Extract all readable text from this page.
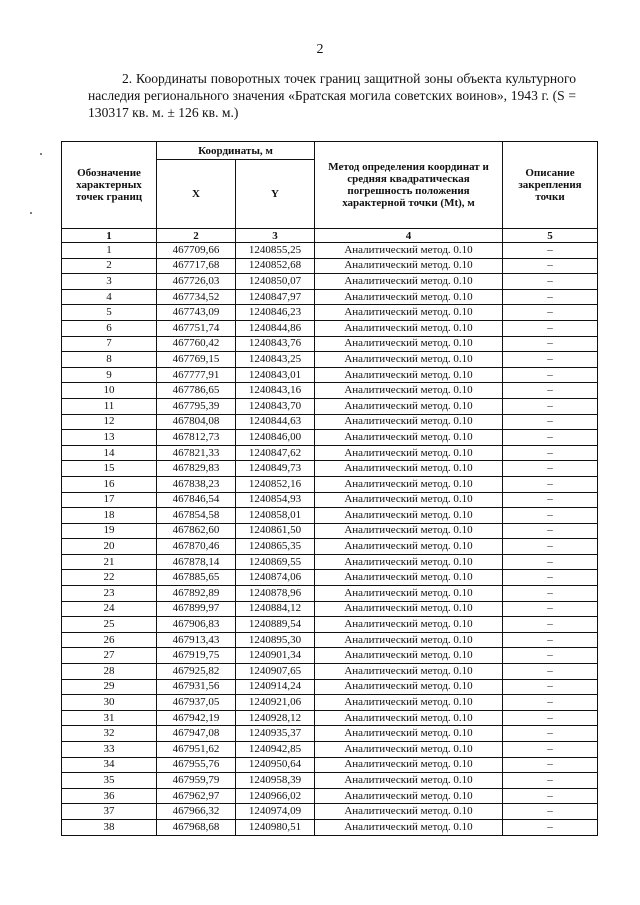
2
2. Координаты поворотных точек границ защитной зоны объекта культурного наследия регионального значения «Братская могила советских воинов», 1943 г. (S = 130317 кв. м. ± 126 кв. м.)
Обозначение характерных точек границ	Координаты, м		Метод определения координат и средняя квадратическая погрешность положения характерной точки (Mt), м	Описание закрепления точки
	X	Y		
1	2	3	4	5
1	467709,66	1240855,25	Аналитический метод. 0.10	–
2	467717,68	1240852,68	Аналитический метод. 0.10	–
3	467726,03	1240850,07	Аналитический метод. 0.10	–
4	467734,52	1240847,97	Аналитический метод. 0.10	–
5	467743,09	1240846,23	Аналитический метод. 0.10	–
6	467751,74	1240844,86	Аналитический метод. 0.10	–
7	467760,42	1240843,76	Аналитический метод. 0.10	–
8	467769,15	1240843,25	Аналитический метод. 0.10	–
9	467777,91	1240843,01	Аналитический метод. 0.10	–
10	467786,65	1240843,16	Аналитический метод. 0.10	–
11	467795,39	1240843,70	Аналитический метод. 0.10	–
12	467804,08	1240844,63	Аналитический метод. 0.10	–
13	467812,73	1240846,00	Аналитический метод. 0.10	–
14	467821,33	1240847,62	Аналитический метод. 0.10	–
15	467829,83	1240849,73	Аналитический метод. 0.10	–
16	467838,23	1240852,16	Аналитический метод. 0.10	–
17	467846,54	1240854,93	Аналитический метод. 0.10	–
18	467854,58	1240858,01	Аналитический метод. 0.10	–
19	467862,60	1240861,50	Аналитический метод. 0.10	–
20	467870,46	1240865,35	Аналитический метод. 0.10	–
21	467878,14	1240869,55	Аналитический метод. 0.10	–
22	467885,65	1240874,06	Аналитический метод. 0.10	–
23	467892,89	1240878,96	Аналитический метод. 0.10	–
24	467899,97	1240884,12	Аналитический метод. 0.10	–
25	467906,83	1240889,54	Аналитический метод. 0.10	–
26	467913,43	1240895,30	Аналитический метод. 0.10	–
27	467919,75	1240901,34	Аналитический метод. 0.10	–
28	467925,82	1240907,65	Аналитический метод. 0.10	–
29	467931,56	1240914,24	Аналитический метод. 0.10	–
30	467937,05	1240921,06	Аналитический метод. 0.10	–
31	467942,19	1240928,12	Аналитический метод. 0.10	–
32	467947,08	1240935,37	Аналитический метод. 0.10	–
33	467951,62	1240942,85	Аналитический метод. 0.10	–
34	467955,76	1240950,64	Аналитический метод. 0.10	–
35	467959,79	1240958,39	Аналитический метод. 0.10	–
36	467962,97	1240966,02	Аналитический метод. 0.10	–
37	467966,32	1240974,09	Аналитический метод. 0.10	–
38	467968,68	1240980,51	Аналитический метод. 0.10	–
